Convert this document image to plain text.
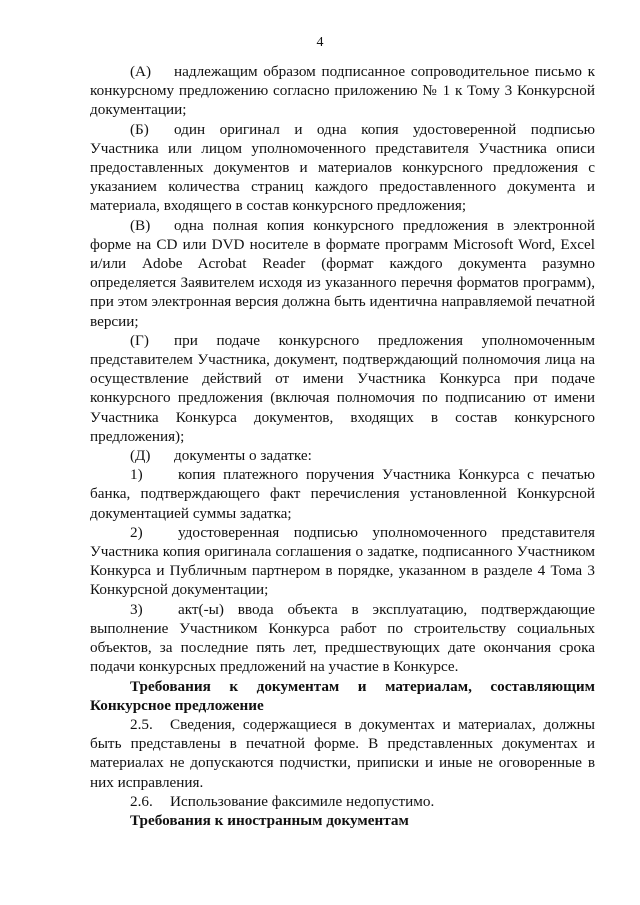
4

(А) надлежащим образом подписанное сопроводительное письмо к конкурсному предложению согласно приложению № 1 к Тому 3 Конкурсной документации;

(Б) один оригинал и одна копия удостоверенной подписью Участника или лицом уполномоченного представителя Участника описи предоставленных документов и материалов конкурсного предложения с указанием количества страниц каждого предоставленного документа и материала, входящего в состав конкурсного предложения;

(В) одна полная копия конкурсного предложения в электронной форме на CD или DVD носителе в формате программ Microsoft Word, Excel и/или Adobe Acrobat Reader (формат каждого документа разумно определяется Заявителем исходя из указанного перечня форматов программ), при этом электронная версия должна быть идентична направляемой печатной версии;

(Г) при подаче конкурсного предложения уполномоченным представителем Участника, документ, подтверждающий полномочия лица на осуществление действий от имени Участника Конкурса при подаче конкурсного предложения (включая полномочия по подписанию от имени Участника Конкурса документов, входящих в состав конкурсного предложения);

(Д) документы о задатке:

1) копия платежного поручения Участника Конкурса с печатью банка, подтверждающего факт перечисления установленной Конкурсной документацией суммы задатка;

2) удостоверенная подписью уполномоченного представителя Участника копия оригинала соглашения о задатке, подписанного Участником Конкурса и Публичным партнером в порядке, указанном в разделе 4 Тома 3 Конкурсной документации;

3) акт(-ы) ввода объекта в эксплуатацию, подтверждающие выполнение Участником Конкурса работ по строительству социальных объектов, за последние пять лет, предшествующих дате окончания срока подачи конкурсных предложений на участие в Конкурсе.

Требования к документам и материалам, составляющим Конкурсное предложение

2.5. Сведения, содержащиеся в документах и материалах, должны быть представлены в печатной форме. В представленных документах и материалах не допускаются подчистки, приписки и иные не оговоренные в них исправления.

2.6. Использование факсимиле недопустимо.

Требования к иностранным документам
